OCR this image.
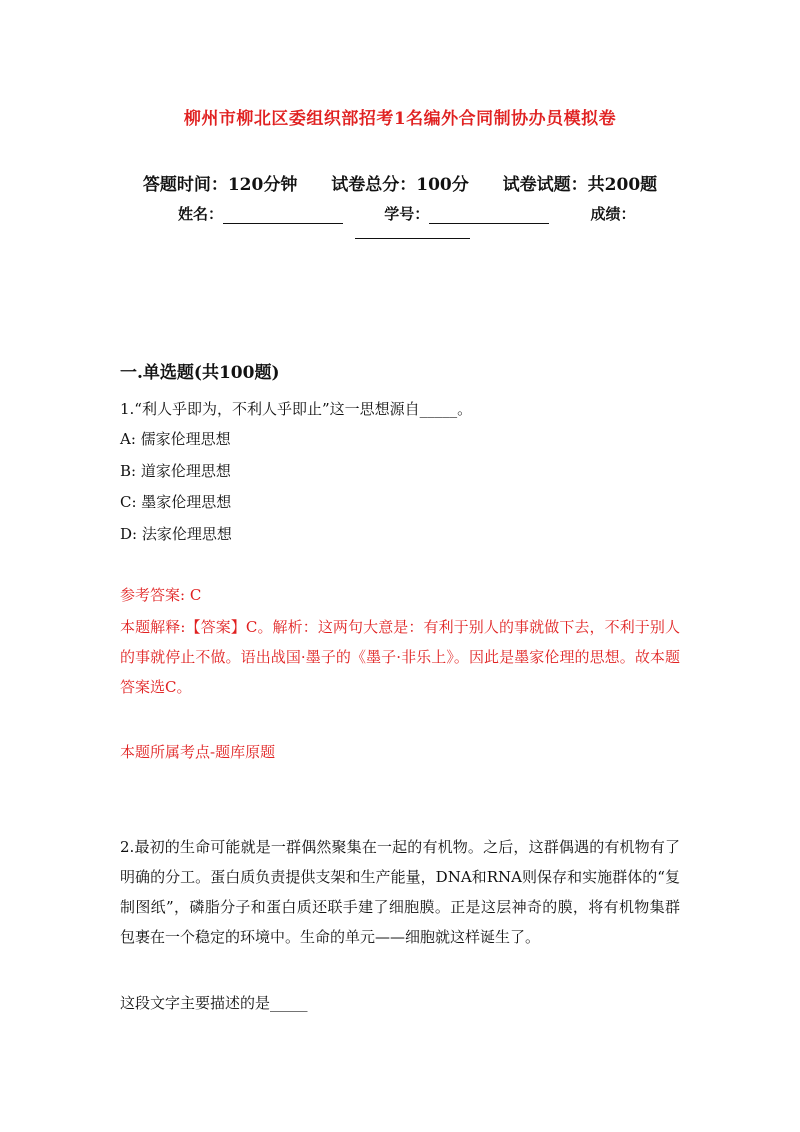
柳州市柳北区委组织部招考1名编外合同制协办员模拟卷
答题时间：120分钟 试卷总分：100分 试卷试题：共200题
姓名：	学号：	成绩：
一.单选题(共100题)
1.“利人乎即为，不利人乎即止”这一思想源自_____。
A: 儒家伦理思想
B: 道家伦理思想
C: 墨家伦理思想
D: 法家伦理思想
参考答案: C
本题解释:【答案】C。解析：这两句大意是：有利于别人的事就做下去，不利于别人的事就停止不做。语出战国·墨子的《墨子·非乐上》。因此是墨家伦理的思想。故本题答案选C。
本题所属考点-题库原题
2.最初的生命可能就是一群偶然聚集在一起的有机物。之后，这群偶遇的有机物有了明确的分工。蛋白质负责提供支架和生产能量，DNA和RNA则保存和实施群体的“复制图纸”，磷脂分子和蛋白质还联手建了细胞膜。正是这层神奇的膜，将有机物集群包裹在一个稳定的环境中。生命的单元——细胞就这样诞生了。
这段文字主要描述的是_____
